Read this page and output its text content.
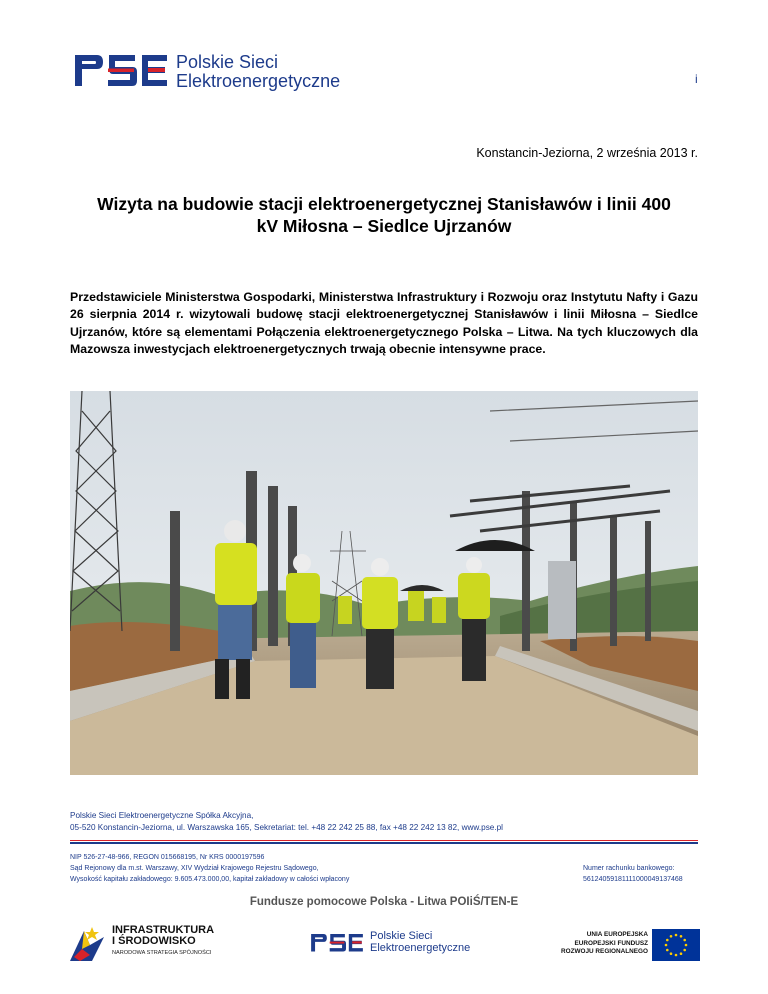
Polskie Sieci
Elektroenergetyczne	i
Konstancin-Jeziorna, 2 września 2013 r.
Wizyta na budowie stacji elektroenergetycznej Stanisławów i linii 400
kV Miłosna – Siedlce Ujrzanów
Przedstawiciele Ministerstwa Gospodarki, Ministerstwa Infrastruktury i Rozwoju oraz Instytutu Nafty i Gazu 26 sierpnia 2014 r. wizytowali budowę stacji elektroenergetycznej Stanisławów i linii Miłosna – Siedlce Ujrzanów, które są elementami Połączenia elektroenergetycznego Polska – Litwa. Na tych kluczowych dla Mazowsza inwestycjach elektroenergetycznych trwają obecnie intensywne prace.
Polskie Sieci Elektroenergetyczne Spółka Akcyjna,
05-520 Konstancin-Jeziorna, ul. Warszawska 165, Sekretariat: tel. +48 22 242 25 88, fax +48 22 242 13 82, www.pse.pl
NIP 526-27-48-966, REGON 015668195, Nr KRS 0000197596
Sąd Rejonowy dla m.st. Warszawy, XIV Wydział Krajowego Rejestru Sądowego,
Wysokość kapitału zakładowego: 9.605.473.000,00, kapitał zakładowy w całości wpłacony
Numer rachunku bankowego:
56124059181111000049137468
Fundusze pomocowe Polska - Litwa POIiŚ/TEN-E
INFRASTRUKTURA
I ŚRODOWISKO
NARODOWA STRATEGIA SPÓJNOŚCI
Polskie Sieci
Elektroenergetyczne
UNIA EUROPEJSKA
EUROPEJSKI FUNDUSZ
ROZWOJU REGIONALNEGO
